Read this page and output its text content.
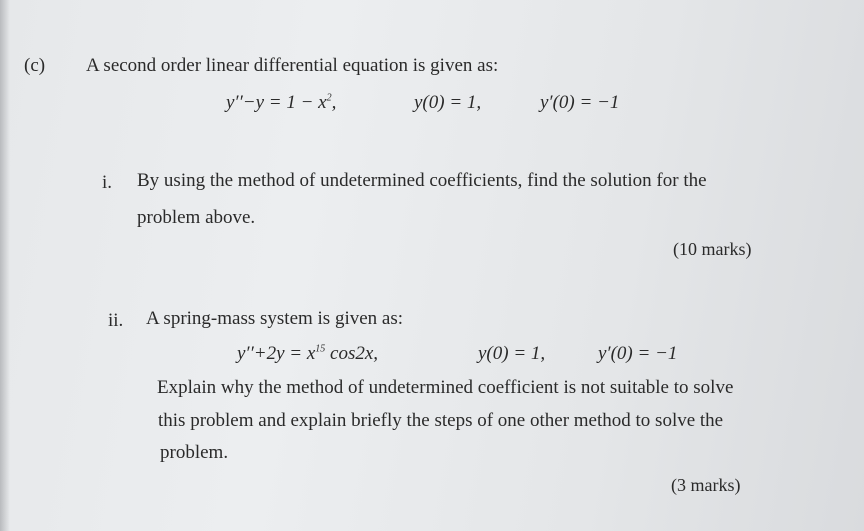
(c) A second order linear differential equation is given as:
$y''-y = 1 - x^2$,	y(0) = 1,	y′(0) = −1
i. By using the method of undetermined coefficients, find the solution for the
problem above.
(10 marks)
ii. A spring-mass system is given as:
$y''+2y = x^{15}$ cos2x,	y(0) = 1,	y′(0) = −1
Explain why the method of undetermined coefficient is not suitable to solve
this problem and explain briefly the steps of one other method to solve the
problem.
(3 marks)
